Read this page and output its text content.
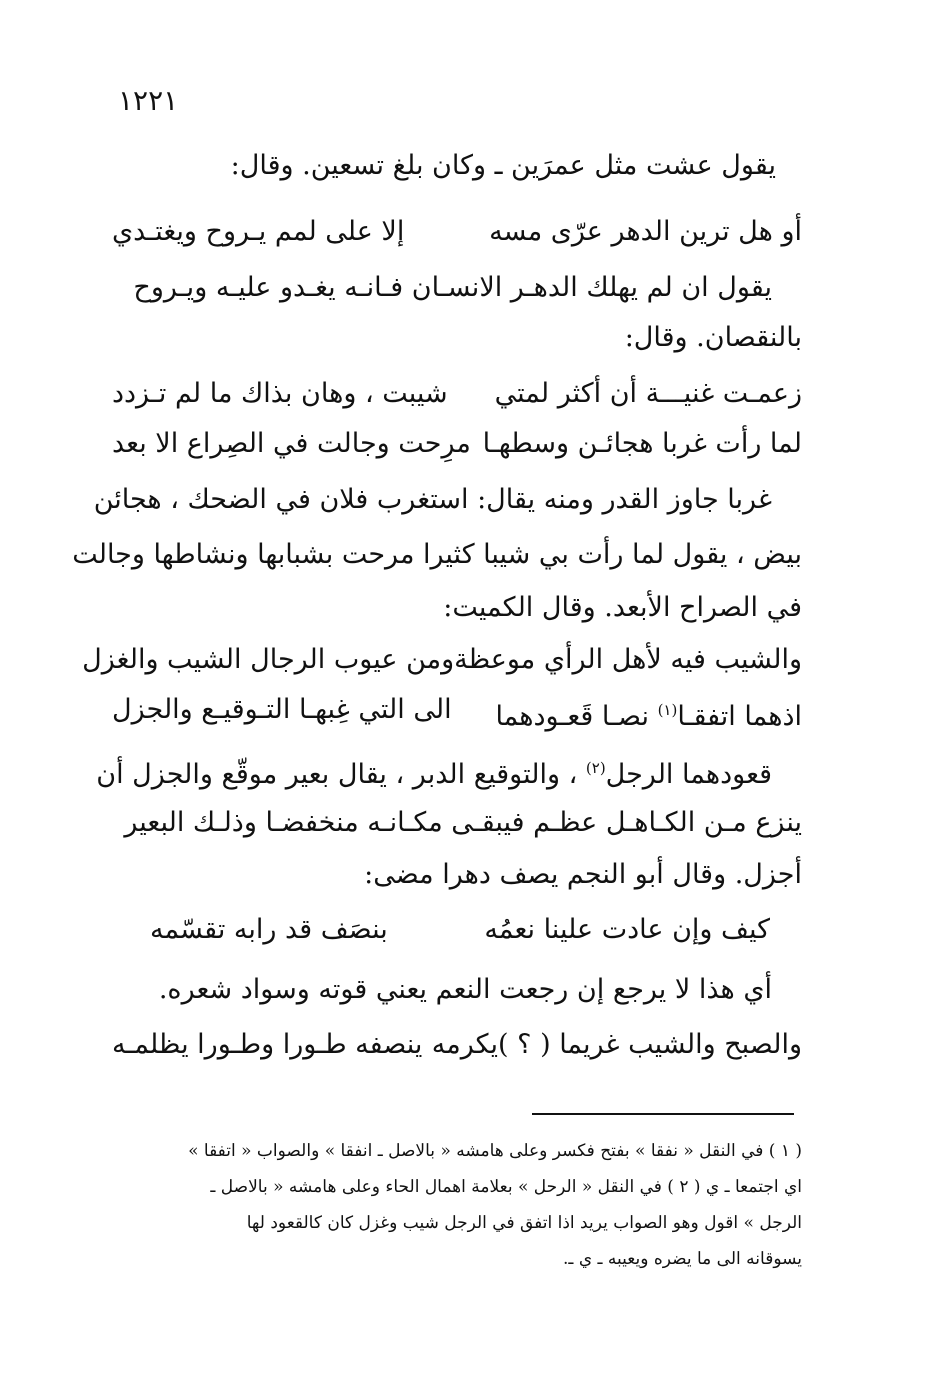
١٢٢١
يقول عشت مثل عمرَين ـ وكان بلغ تسعين. وقال:
أو هل ترين الدهر عرّى مسه
إلا على لمم يـروح ويغتـدي
يقول ان لم يهلك الدهـر الانسـان فـانـه يغـدو عليـه ويـروح
بالنقصان. وقال:
زعمـت غنيـــة أن أكثر لمتي
شيبت ، وهان بذاك ما لم تـزدد
لما رأت غربا هجائـن وسطهـا
مرِحت وجالت في الصِراع الا بعد
غربا جاوز القدر ومنه يقال: استغرب فلان في الضحك ، هجائن
بيض ، يقول لما رأت بي شيبا كثيرا مرحت بشبابها ونشاطها وجالت
في الصراح الأبعد. وقال الكميت:
والشيب فيه لأهل الرأي موعظة
ومن عيوب الرجال الشيب والغزل
اذهما اتفقـا$^{(١)}$ نصـا قَعـودهما
الى التي غِبهـا التـوقيـع والجزل
قعودهما الرجل$^{(٢)}$ ، والتوقيع الدبر ، يقال بعير موقّع والجزل أن
ينزع مـن الكـاهـل عظـم فيبقـى مكـانـه منخفضـا وذلـك البعير
أجزل. وقال أبو النجم يصف دهرا مضى:
كيف وإن عادت علينا نعمُه
بنصَف قد رابه تقسّمه
أي هذا لا يرجع إن رجعت النعم يعني قوته وسواد شعره.
والصبح والشيب غريما ( ؟ )يكرمه
ينصفه طـورا وطـورا يظلمـه
( ١ ) في النقل « نفقا » بفتح فكسر وعلى هامشه « بالاصل ـ انفقا » والصواب « اتفقا »
اي اجتمعا ـ ي ( ٢ ) في النقل « الرحل » بعلامة اهمال الحاء وعلى هامشه « بالاصل ـ
الرجل » اقول وهو الصواب يريد اذا اتفق في الرجل شيب وغزل كان كالقعود لها
يسوقانه الى ما يضره ويعيبه ـ ي ـ.
